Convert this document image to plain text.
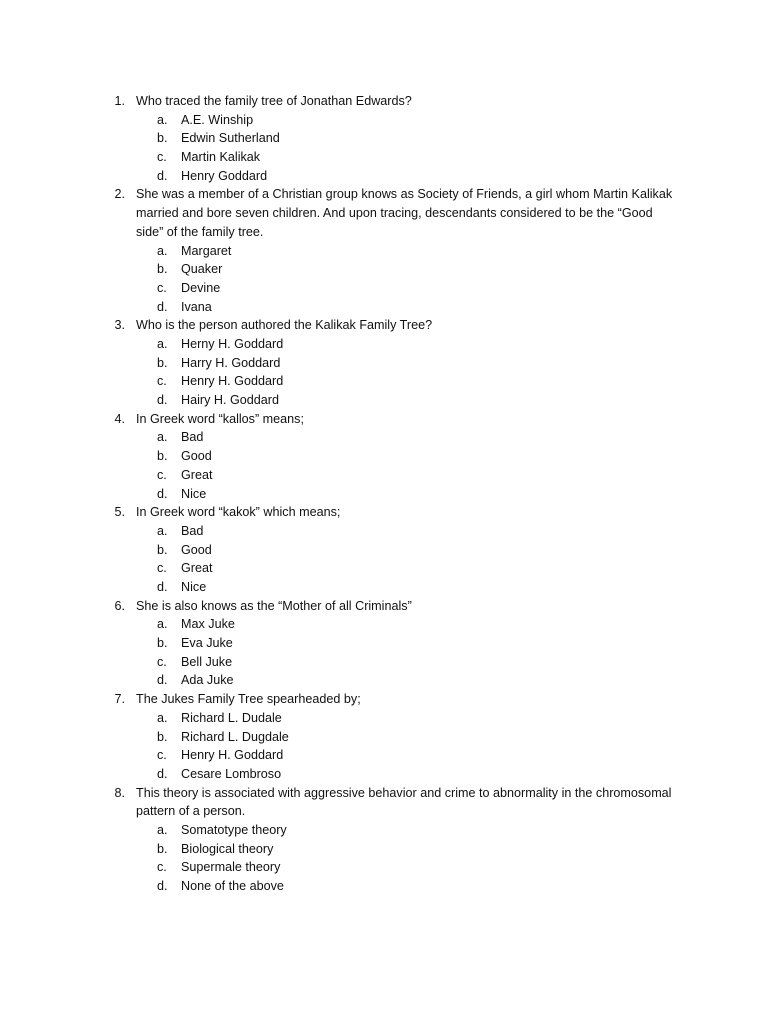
1. Who traced the family tree of Jonathan Edwards?
a. A.E. Winship
b. Edwin Sutherland
c. Martin Kalikak
d. Henry Goddard
2. She was a member of a Christian group knows as Society of Friends, a girl whom Martin Kalikak married and bore seven children. And upon tracing, descendants considered to be the “Good side” of the family tree.
a. Margaret
b. Quaker
c. Devine
d. Ivana
3. Who is the person authored the Kalikak Family Tree?
a. Herny H. Goddard
b. Harry H. Goddard
c. Henry H. Goddard
d. Hairy H. Goddard
4. In Greek word “kallos” means;
a. Bad
b. Good
c. Great
d. Nice
5. In Greek word “kakok” which means;
a. Bad
b. Good
c. Great
d. Nice
6. She is also knows as the “Mother of all Criminals”
a. Max Juke
b. Eva Juke
c. Bell Juke
d. Ada Juke
7. The Jukes Family Tree spearheaded by;
a. Richard L. Dudale
b. Richard L. Dugdale
c. Henry H. Goddard
d. Cesare Lombroso
8. This theory is associated with aggressive behavior and crime to abnormality in the chromosomal pattern of a person.
a. Somatotype theory
b. Biological theory
c. Supermale theory
d. None of the above
